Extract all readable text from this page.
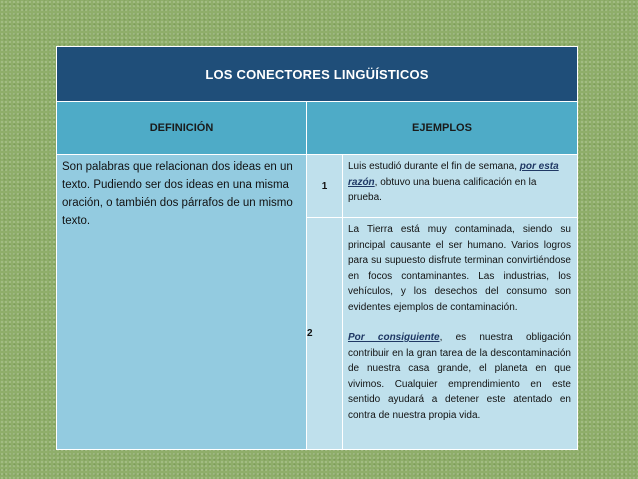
LOS CONECTORES LINGÜÍSTICOS		
DEFINICIÓN	EJEMPLOS	
Son palabras que relacionan dos ideas en un texto. Pudiendo ser dos ideas en una misma oración, o también dos párrafos de un mismo texto.	1	Luis estudió durante el fin de semana, por esta razón, obtuvo una buena calificación en la prueba.
	2	La Tierra está muy contaminada, siendo su principal causante el ser humano. Varios logros para su supuesto disfrute terminan convirtiéndose en focos contaminantes. Las industrias, los vehículos, y los desechos del consumo son evidentes ejemplos de contaminación.

Por consiguiente, es nuestra obligación contribuir en la gran tarea de la descontaminación de nuestra casa grande, el planeta en que vivimos. Cualquier emprendimiento en este sentido ayudará a detener este atentado en contra de nuestra propia vida.
